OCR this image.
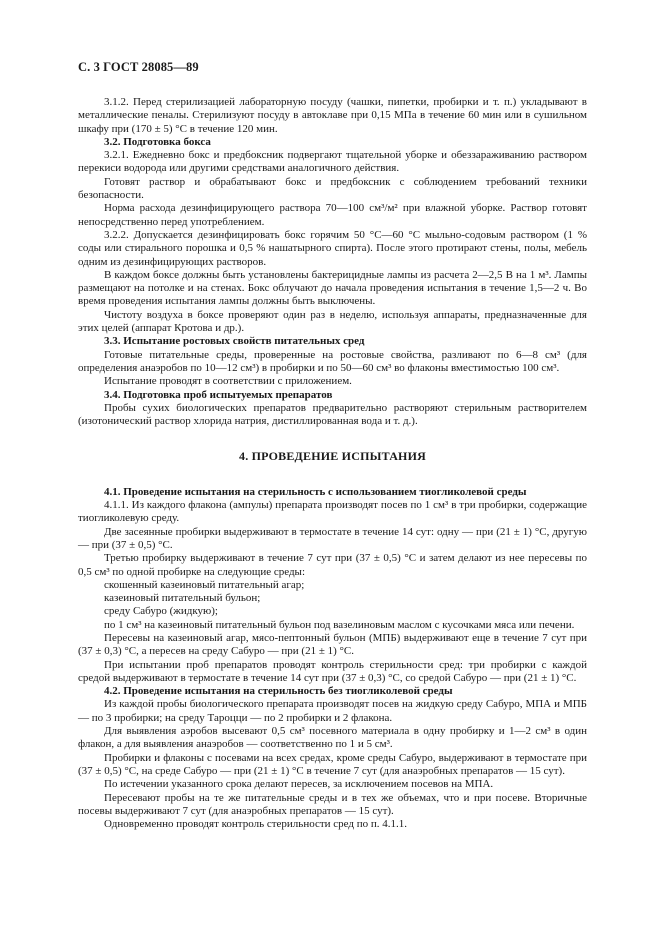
С. 3 ГОСТ 28085—89

3.1.2. Перед стерилизацией лабораторную посуду (чашки, пипетки, пробирки и т. п.) укладывают в металлические пеналы. Стерилизуют посуду в автоклаве при 0,15 МПа в течение 60 мин или в сушильном шкафу при (170 ± 5) °С в течение 120 мин.

3.2. Подготовка бокса

3.2.1. Ежедневно бокс и предбоксник подвергают тщательной уборке и обеззараживанию раствором перекиси водорода или другими средствами аналогичного действия.

Готовят раствор и обрабатывают бокс и предбоксник с соблюдением требований техники безопасности.

Норма расхода дезинфицирующего раствора 70—100 см³/м² при влажной уборке. Раствор готовят непосредственно перед употреблением.

3.2.2. Допускается дезинфицировать бокс горячим 50 °С—60 °С мыльно-содовым раствором (1 % соды или стирального порошка и 0,5 % нашатырного спирта). После этого протирают стены, полы, мебель одним из дезинфицирующих растворов.

В каждом боксе должны быть установлены бактерицидные лампы из расчета 2—2,5 В на 1 м³. Лампы размещают на потолке и на стенах. Бокс облучают до начала проведения испытания в течение 1,5—2 ч. Во время проведения испытания лампы должны быть выключены.

Чистоту воздуха в боксе проверяют один раз в неделю, используя аппараты, предназначенные для этих целей (аппарат Кротова и др.).

3.3. Испытание ростовых свойств питательных сред

Готовые питательные среды, проверенные на ростовые свойства, разливают по 6—8 см³ (для определения анаэробов по 10—12 см³) в пробирки и по 50—60 см³ во флаконы вместимостью 100 см³.

Испытание проводят в соответствии с приложением.

3.4. Подготовка проб испытуемых препаратов

Пробы сухих биологических препаратов предварительно растворяют стерильным растворителем (изотонический раствор хлорида натрия, дистиллированная вода и т. д.).

4. ПРОВЕДЕНИЕ ИСПЫТАНИЯ

4.1. Проведение испытания на стерильность с использованием тиогликолевой среды

4.1.1. Из каждого флакона (ампулы) препарата производят посев по 1 см³ в три пробирки, содержащие тиогликолевую среду.

Две засеянные пробирки выдерживают в термостате в течение 14 сут: одну — при (21 ± 1) °С, другую — при (37 ± 0,5) °С.

Третью пробирку выдерживают в течение 7 сут при (37 ± 0,5) °С и затем делают из нее пересевы по 0,5 см³ по одной пробирке на следующие среды:

скошенный казеиновый питательный агар;

казеиновый питательный бульон;

среду Сабуро (жидкую);

по 1 см³ на казеиновый питательный бульон под вазелиновым маслом с кусочками мяса или печени.

Пересевы на казеиновый агар, мясо-пептонный бульон (МПБ) выдерживают еще в течение 7 сут при (37 ± 0,3) °С, а пересев на среду Сабуро — при (21 ± 1) °С.

При испытании проб препаратов проводят контроль стерильности сред: три пробирки с каждой средой выдерживают в термостате в течение 14 сут при (37 ± 0,3) °С, со средой Сабуро — при (21 ± 1) °С.

4.2. Проведение испытания на стерильность без тиогликолевой среды

Из каждой пробы биологического препарата производят посев на жидкую среду Сабуро, МПА и МПБ — по 3 пробирки; на среду Тароцци — по 2 пробирки и 2 флакона.

Для выявления аэробов высевают 0,5 см³ посевного материала в одну пробирку и 1—2 см³ в один флакон, а для выявления анаэробов — соответственно по 1 и 5 см³.

Пробирки и флаконы с посевами на всех средах, кроме среды Сабуро, выдерживают в термостате при (37 ± 0,5) °С, на среде Сабуро — при (21 ± 1) °С в течение 7 сут (для анаэробных препаратов — 15 сут).

По истечении указанного срока делают пересев, за исключением посевов на МПА.

Пересевают пробы на те же питательные среды и в тех же объемах, что и при посеве. Вторичные посевы выдерживают 7 сут (для анаэробных препаратов — 15 сут).

Одновременно проводят контроль стерильности сред по п. 4.1.1.
